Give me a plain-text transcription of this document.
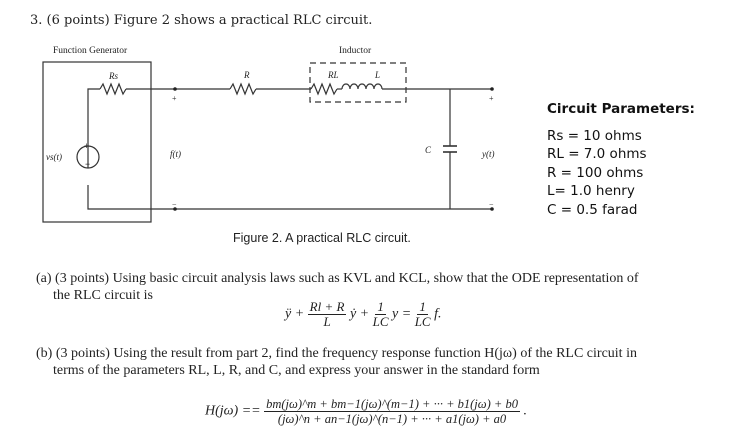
3. (6 points) Figure 2 shows a practical RLC circuit.
Function Generator	Inductor
Rs	R	RL	L
vs(t)
+
−
f(t)
+
−
C	y(t)
+
−
Figure 2. A practical RLC circuit.
Circuit Parameters:
Rs = 10 ohms
RL = 7.0 ohms
R = 100 ohms
L= 1.0 henry
C = 0.5 farad
(a) (3 points) Using basic circuit analysis laws such as KVL and KCL, show that the ODE representation of
the RLC circuit is
ÿ + $\frac{Rl + R}{L}$ ẏ + $\frac{1}{LC}$ $y = \frac{1}{LC} f$.
(b) (3 points) Using the result from part 2, find the frequency response function H(jω) of the RLC circuit in
terms of the parameters RL, L, R, and C, and express your answer in the standard form
$H(j\omega) == \frac{bm(j\omega)\^{}m + bm-1(j\omega)\^{}(m-1) + \cdot\cdot\cdot + b1(j\omega) + b0}{(j\omega)\^{}n + an-1(j\omega)\^{}(n-1) + \cdot\cdot\cdot + a1(j\omega) + a0}$ .
